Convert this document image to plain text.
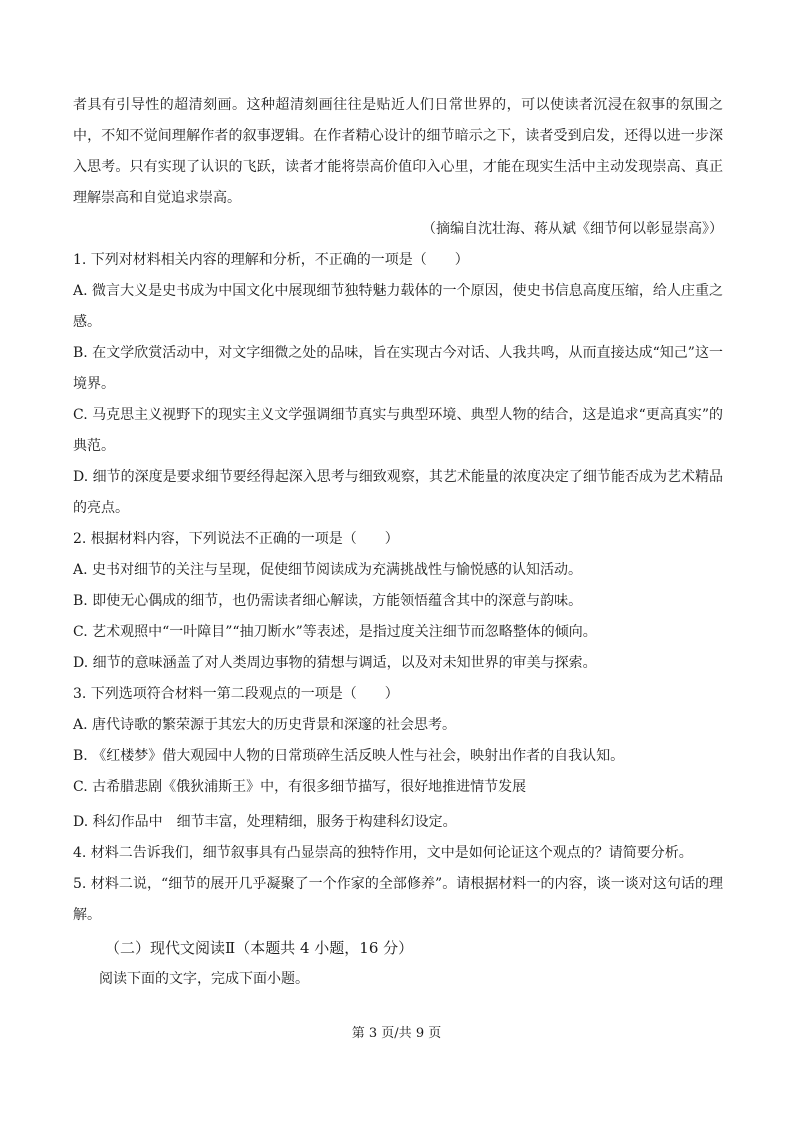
者具有引导性的超清刻画。这种超清刻画往往是贴近人们日常世界的，可以使读者沉浸在叙事的氛围之中，不知不觉间理解作者的叙事逻辑。在作者精心设计的细节暗示之下，读者受到启发，还得以进一步深入思考。只有实现了认识的飞跃，读者才能将崇高价值印入心里，才能在现实生活中主动发现崇高、真正理解崇高和自觉追求崇高。

（摘编自沈壮海、蒋从斌《细节何以彰显崇高》）

1. 下列对材料相关内容的理解和分析，不正确的一项是（　　）

A. 微言大义是史书成为中国文化中展现细节独特魅力载体的一个原因，使史书信息高度压缩，给人庄重之感。

B. 在文学欣赏活动中，对文字细微之处的品味，旨在实现古今对话、人我共鸣，从而直接达成“知己”这一境界。

C. 马克思主义视野下的现实主义文学强调细节真实与典型环境、典型人物的结合，这是追求“更高真实”的典范。

D. 细节的深度是要求细节要经得起深入思考与细致观察，其艺术能量的浓度决定了细节能否成为艺术精品的亮点。

2. 根据材料内容，下列说法不正确的一项是（　　）

A. 史书对细节的关注与呈现，促使细节阅读成为充满挑战性与愉悦感的认知活动。

B. 即使无心偶成的细节，也仍需读者细心解读，方能领悟蕴含其中的深意与韵味。

C. 艺术观照中“一叶障目”“抽刀断水”等表述，是指过度关注细节而忽略整体的倾向。

D. 细节的意味涵盖了对人类周边事物的猜想与调适，以及对未知世界的审美与探索。

3. 下列选项符合材料一第二段观点的一项是（　　）

A. 唐代诗歌的繁荣源于其宏大的历史背景和深邃的社会思考。

B. 《红楼梦》借大观园中人物的日常琐碎生活反映人性与社会，映射出作者的自我认知。

C. 古希腊悲剧《俄狄浦斯王》中，有很多细节描写，很好地推进情节发展

D. 科幻作品中　细节丰富，处理精细，服务于构建科幻设定。

4. 材料二告诉我们，细节叙事具有凸显崇高的独特作用，文中是如何论证这个观点的？请简要分析。

5. 材料二说，“细节的展开几乎凝聚了一个作家的全部修养”。请根据材料一的内容，谈一谈对这句话的理解。

（二）现代文阅读Ⅱ（本题共 4 小题，16 分）

阅读下面的文字，完成下面小题。

第 3 页/共 9 页
